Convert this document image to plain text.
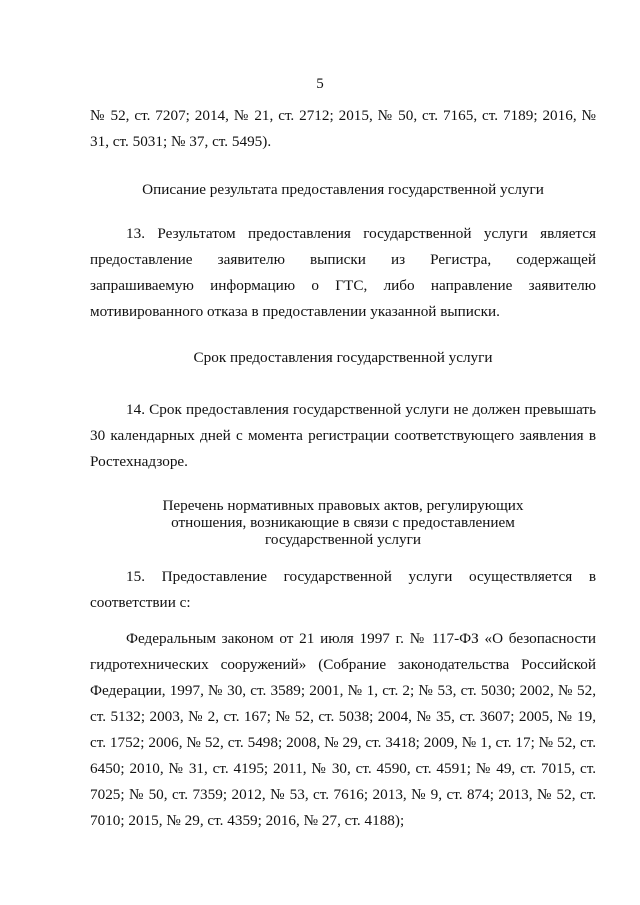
5

№ 52, ст. 7207; 2014, № 21, ст. 2712; 2015, № 50, ст. 7165, ст. 7189; 2016, № 31, ст. 5031; № 37, ст. 5495).

Описание результата предоставления государственной услуги

13. Результатом предоставления государственной услуги является предоставление заявителю выписки из Регистра, содержащей запрашиваемую информацию о ГТС, либо направление заявителю мотивированного отказа в предоставлении указанной выписки.

Срок предоставления государственной услуги

14. Срок предоставления государственной услуги не должен превышать 30 календарных дней с момента регистрации соответствующего заявления в Ростехнадзоре.

Перечень нормативных правовых актов, регулирующих
отношения, возникающие в связи с предоставлением
государственной услуги

15. Предоставление государственной услуги осуществляется в соответствии с:

Федеральным законом от 21 июля 1997 г. № 117-ФЗ «О безопасности гидротехнических сооружений» (Собрание законодательства Российской Федерации, 1997, № 30, ст. 3589; 2001, № 1, ст. 2; № 53, ст. 5030; 2002, № 52, ст. 5132; 2003, № 2, ст. 167; № 52, ст. 5038; 2004, № 35, ст. 3607; 2005, № 19, ст. 1752; 2006, № 52, ст. 5498; 2008, № 29, ст. 3418; 2009, № 1, ст. 17; № 52, ст. 6450; 2010, № 31, ст. 4195; 2011, № 30, ст. 4590, ст. 4591; № 49, ст. 7015, ст. 7025; № 50, ст. 7359; 2012, № 53, ст. 7616; 2013, № 9, ст. 874; 2013, № 52, ст. 7010; 2015, № 29, ст. 4359; 2016, № 27, ст. 4188);
